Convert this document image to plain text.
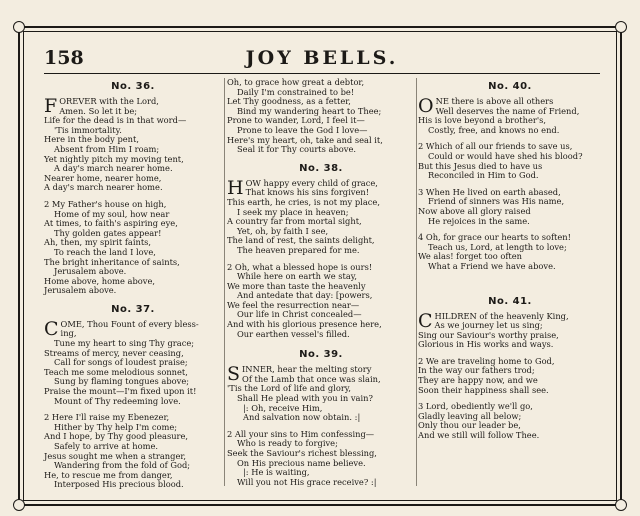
158	JOY BELLS.
No. 36.
FOREVER with the Lord,
Amen. So let it be;
Life for the dead is in that word—
'Tis immortality.
Here in the body pent,
Absent from Him I roam;
Yet nightly pitch my moving tent,
A day's march nearer home.
Nearer home, nearer home,
A day's march nearer home.
2 My Father's house on high,
Home of my soul, how near
At times, to faith's aspiring eye,
Thy golden gates appear!
Ah, then, my spirit faints,
To reach the land I love,
The bright inheritance of saints,
Jerusalem above.
Home above, home above,
Jerusalem above.
No. 37.
COME, Thou Fount of every bless-
ing,
Tune my heart to sing Thy grace;
Streams of mercy, never ceasing,
Call for songs of loudest praise;
Teach me some melodious sonnet,
Sung by flaming tongues above;
Praise the mount—I'm fixed upon it!
Mount of Thy redeeming love.
2 Here I'll raise my Ebenezer,
Hither by Thy help I'm come;
And I hope, by Thy good pleasure,
Safely to arrive at home.
Jesus sought me when a stranger,
Wandering from the fold of God;
He, to rescue me from danger,
Interposed His precious blood.
Oh, to grace how great a debtor,
Daily I'm constrained to be!
Let Thy goodness, as a fetter,
Bind my wandering heart to Thee;
Prone to wander, Lord, I feel it—
Prone to leave the God I love—
Here's my heart, oh, take and seal it,
Seal it for Thy courts above.
No. 38.
HOW happy every child of grace,
That knows his sins forgiven!
This earth, he cries, is not my place,
I seek my place in heaven;
A country far from mortal sight,
Yet, oh, by faith I see,
The land of rest, the saints delight,
The heaven prepared for me.
2 Oh, what a blessed hope is ours!
While here on earth we stay,
We more than taste the heavenly
And antedate that day: [powers,
We feel the resurrection near—
Our life in Christ concealed—
And with his glorious presence here,
Our earthen vessel's filled.
No. 39.
SINNER, hear the melting story
Of the Lamb that once was slain,
'Tis the Lord of life and glory,
Shall He plead with you in vain?
|: Oh, receive Him,
And salvation now obtain. :|
2 All your sins to Him confessing—
Who is ready to forgive;
Seek the Saviour's richest blessing,
On His precious name believe.
|: He is waiting,
Will you not His grace receive? :|
No. 40.
ONE there is above all others
Well deserves the name of Friend,
His is love beyond a brother's,
Costly, free, and knows no end.
2 Which of all our friends to save us,
Could or would have shed his blood?
But this Jesus died to have us
Reconciled in Him to God.
3 When He lived on earth abased,
Friend of sinners was His name,
Now above all glory raised
He rejoices in the same.
4 Oh, for grace our hearts to soften!
Teach us, Lord, at length to love;
We alas! forget too often
What a Friend we have above.
No. 41.
CHILDREN of the heavenly King,
As we journey let us sing;
Sing our Saviour's worthy praise,
Glorious in His works and ways.
2 We are traveling home to God,
In the way our fathers trod;
They are happy now, and we
Soon their happiness shall see.
3 Lord, obediently we'll go,
Gladly leaving all below;
Only thou our leader be,
And we still will follow Thee.
